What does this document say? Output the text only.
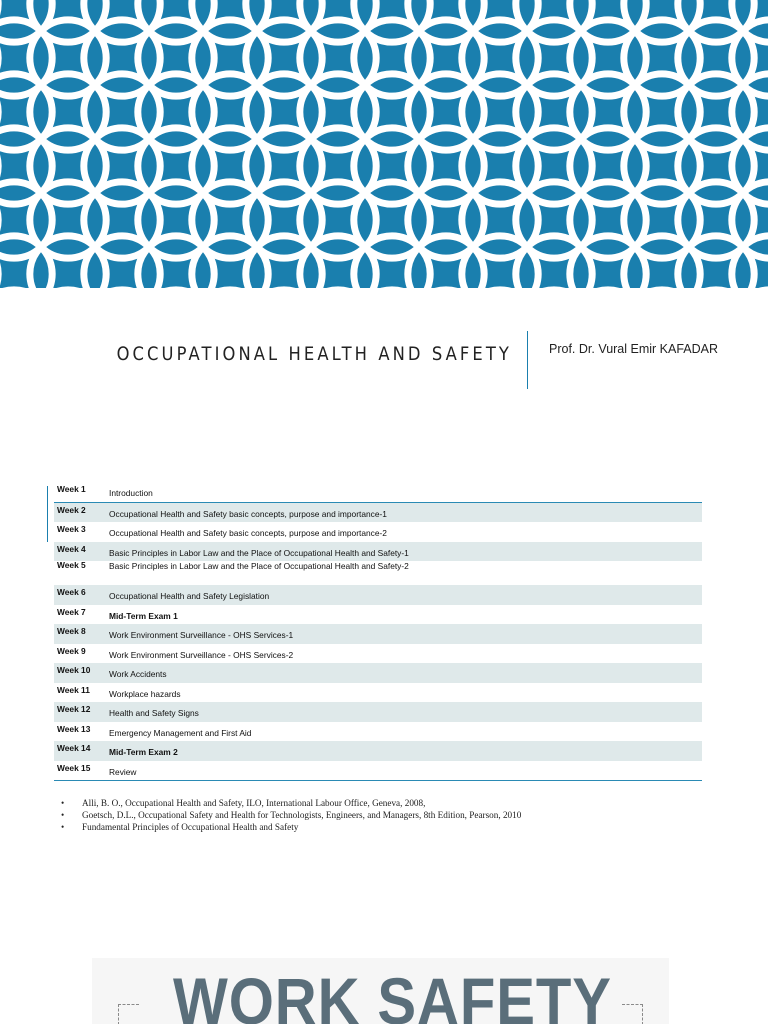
OCCUPATIONAL HEALTH AND SAFETY	Prof. Dr. Vural Emir KAFADAR
Week 1	Introduction
Week 2	Occupational Health and Safety basic concepts, purpose and importance-1
Week 3	Occupational Health and Safety basic concepts, purpose and importance-2
Week 4	Basic Principles in Labor Law and the Place of Occupational Health and Safety-1
Week 5	Basic Principles in Labor Law and the Place of Occupational Health and Safety-2
Week 6	Occupational Health and Safety Legislation
Week 7	Mid-Term Exam 1
Week 8	Work Environment Surveillance - OHS Services-1
Week 9	Work Environment Surveillance - OHS Services-2
Week 10 Work Accidents
Week 11 Workplace hazards
Week 12 Health and Safety Signs
Week 13 Emergency Management and First Aid
Week 14 Mid-Term Exam 2
Week 15 Review
• Alli, B. O., Occupational Health and Safety, ILO, International Labour Office, Geneva, 2008,
• Goetsch, D.L., Occupational Safety and Health for Technologists, Engineers, and Managers, 8th Edition, Pearson, 2010
• Fundamental Principles of Occupational Health and Safety
WORK SAFETY
